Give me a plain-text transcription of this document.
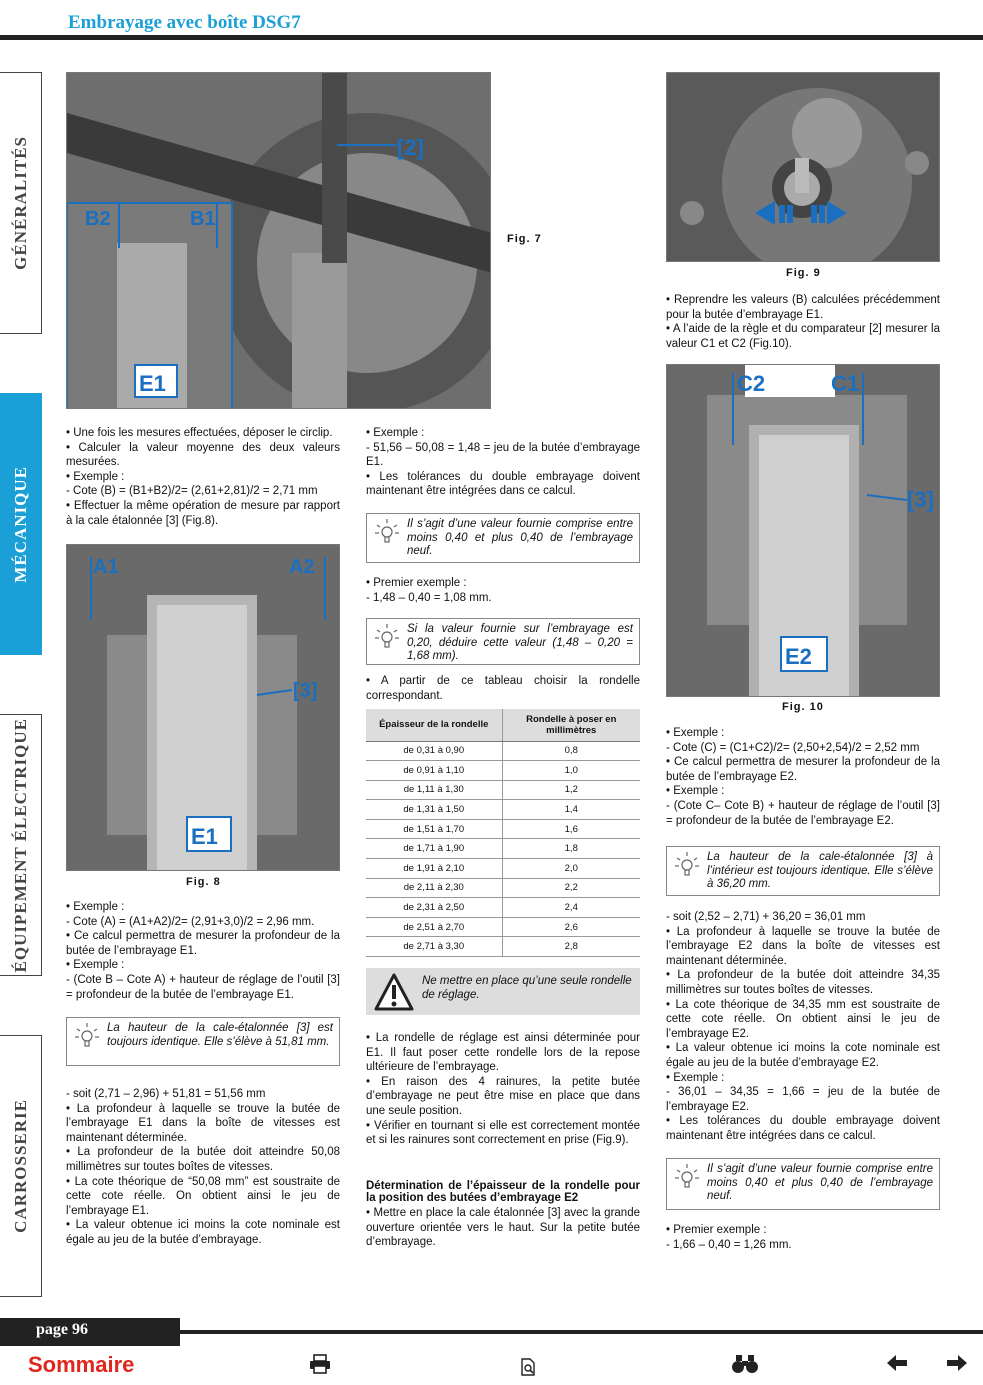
Embrayage avec boîte DSG7
GÉNÉRALITÉS
MÉCANIQUE
ÉQUIPEMENT ÉLECTRIQUE
CARROSSERIE
[2]
B2	B1
E1
Fig. 7

• Une fois les mesures effectuées, déposer le circlip.

• Calculer la valeur moyenne des deux valeurs mesurées.

• Exemple :

- Cote (B) = (B1+B2)/2= (2,61+2,81)/2 = 2,71 mm

• Effectuer la même opération de mesure par rapport à la cale étalonnée [3] (Fig.8).

A1	A2
[3]
E1
Fig. 8

• Exemple :

- Cote (A) = (A1+A2)/2= (2,91+3,0)/2 = 2,96 mm.

• Ce calcul permettra de mesurer la profondeur de la butée de l’embrayage E1.

• Exemple :

- (Cote B – Cote A) + hauteur de réglage de l’outil [3] = profondeur de la butée de l’embrayage E1.

La hauteur de la cale-étalonnée [3] est toujours identique. Elle s’élève à 51,81 mm.

- soit (2,71 – 2,96) + 51,81 = 51,56 mm

• La profondeur à laquelle se trouve la butée de l’embrayage E1 dans la boîte de vitesses est maintenant déterminée.

• La profondeur de la butée doit atteindre 50,08 millimètres sur toutes boîtes de vitesses.

• La cote théorique de “50,08 mm” est soustraite de cette cote réelle. On obtient ainsi le jeu de l’embrayage E1.

• La valeur obtenue ici moins la cote nominale est égale au jeu de la butée d’embrayage.

• Exemple :

- 51,56 – 50,08 = 1,48 = jeu de la butée d’embrayage E1.

• Les tolérances du double embrayage doivent maintenant être intégrées dans ce calcul.

Il s’agit d’une valeur fournie comprise entre moins 0,40 et plus 0,40 de l’embrayage neuf.

• Premier exemple :

- 1,48 – 0,40 = 1,08 mm.

Si la valeur fournie sur l’embrayage est 0,20, déduire cette valeur (1,48 – 0,20 = 1,68 mm).

• A partir de ce tableau choisir la rondelle correspondant.

Épaisseur de la rondelle	Rondelle à poser en millimètres
de 0,31 à 0,90	0,8
de 0,91 à 1,10	1,0
de 1,11 à 1,30	1,2
de 1,31 à 1,50	1,4
de 1,51 à 1,70	1,6
de 1,71 à 1,90	1,8
de 1,91 à 2,10	2,0
de 2,11 à 2,30	2,2
de 2,31 à 2,50	2,4
de 2,51 à 2,70	2,6
de 2,71 à 3,30	2,8
Ne mettre en place qu’une seule rondelle de réglage.

• La rondelle de réglage est ainsi déterminée pour E1. Il faut poser cette rondelle lors de la repose ultérieure de l’embrayage.

• En raison des 4 rainures, la petite butée d’embrayage ne peut être mise en place que dans une seule position.

• Vérifier en tournant si elle est correctement montée et si les rainures sont correctement en prise (Fig.9).

Détermination de l’épaisseur de la rondelle pour la position des butées d’embrayage E2

• Mettre en place la cale étalonnée [3] avec la grande ouverture orientée vers le haut. Sur la petite butée d’embrayage.

Fig. 9

• Reprendre les valeurs (B) calculées précédemment pour la butée d’embrayage E1.

• A l’aide de la règle et du comparateur [2] mesurer la valeur C1 et C2 (Fig.10).

C2	C1
[3]
E2
Fig. 10

• Exemple :

- Cote (C) = (C1+C2)/2= (2,50+2,54)/2 = 2,52 mm

• Ce calcul permettra de mesurer la profondeur de la butée de l’embrayage E2.

• Exemple :

- (Cote C– Cote B) + hauteur de réglage de l’outil [3] = profondeur de la butée de l’embrayage E2.

La hauteur de la cale-étalonnée [3] à l’intérieur est toujours identique. Elle s’élève à 36,20 mm.

- soit (2,52 – 2,71) + 36,20 = 36,01 mm

• La profondeur à laquelle se trouve la butée de l’embrayage E2 dans la boîte de vitesses est maintenant déterminée.

• La profondeur de la butée doit atteindre 34,35 millimètres sur toutes boîtes de vitesses.

• La cote théorique de 34,35 mm est soustraite de cette cote réelle. On obtient ainsi le jeu de l’embrayage E2.

• La valeur obtenue ici moins la cote nominale est égale au jeu de la butée d’embrayage E2.

• Exemple :

- 36,01 – 34,35 = 1,66 = jeu de la butée de l’embrayage E2.

• Les tolérances du double embrayage doivent maintenant être intégrées dans ce calcul.

Il s’agit d’une valeur fournie comprise entre moins 0,40 et plus 0,40 de l’embrayage neuf.

• Premier exemple :

- 1,66 – 0,40 = 1,26 mm.

page 96
Sommaire
